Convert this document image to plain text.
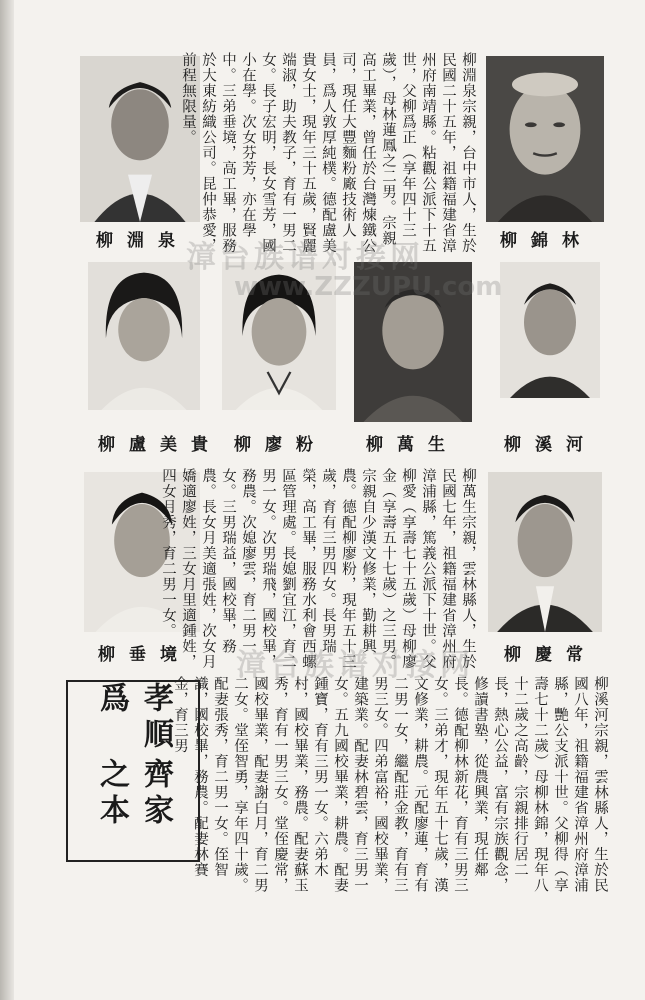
柳錦林
柳淵泉	柳淵泉宗親，台中市人，生於民國二十五年，祖籍福建省漳州府南靖縣。粘觀公派下十五世，父柳爲正（享年四十三歲），母林蓮鳳之二男。宗親高工畢業，曾任於台灣煉鐵公司，現任大豐麵粉廠技術人員，爲人敦厚純樸。德配盧美貴女士，現年三十五歲，賢麗端淑，助夫教子，育有一男二女。長子宏明，長女雪芳，國小在學。次女芬芳，亦在學中。三弟垂境，高工畢，服務於大東紡織公司。昆仲恭愛，前程無限量。
柳溪河
柳萬生
柳廖粉
柳盧美貴
柳慶常
柳垂境	柳萬生宗親，雲林縣人，生於民國七年，祖籍福建省漳州府漳浦縣，篤義公派下十世。父柳愛（享壽七十五歲）母柳廖金（享壽五十七歲）之三男。宗親自少漢文修業，勤耕興農。德配柳廖粉，現年五十三歲，育有三男四女。長男瑞榮，高工畢，服務水利會西螺區管理處。長媳劉宜江，育二男一女。次男瑞飛，國校畢，務農。次媳廖雲，育二男一女。三男瑞益，國校畢，務農。長女月美適張姓，次女月嬌適廖姓，三女月里適鍾姓，四女月秀，育二男一女。
柳溪河宗親，雲林縣人，生於民國八年，祖籍福建省漳州府漳浦縣，艷公支派十世。父柳得（享壽七十二歲）母柳林錦，現年八十二歲之高齡，宗親排行居二長，熱心公益，富有宗族觀念，修讀書塾，從農興業，現任鄰長。德配柳林新花，育有三男三女。三弟才，現年五十七歲，漢文修業，耕農。元配廖蓮，育有二男一女，繼配莊金教，育有三男三女。四弟富裕，國校畢業，建築業。配妻林碧雲，育三男一女。五九國校畢業，耕農。配妻鍾寶，育有三男一女。六弟木村，國校畢業，務農。配妻蘇玉秀，育有一男三女。堂侄慶常，國校畢業，配妻謝白月，育二男二女。堂侄智勇，享年四十歲。配妻張秀，育二男一女。侄智識，國校畢，務農。配妻林賽金，育三男
孝順爲
齊家之本
漳台族谱对接网
www.ZZZUPU.com
漳台族谱对接网
